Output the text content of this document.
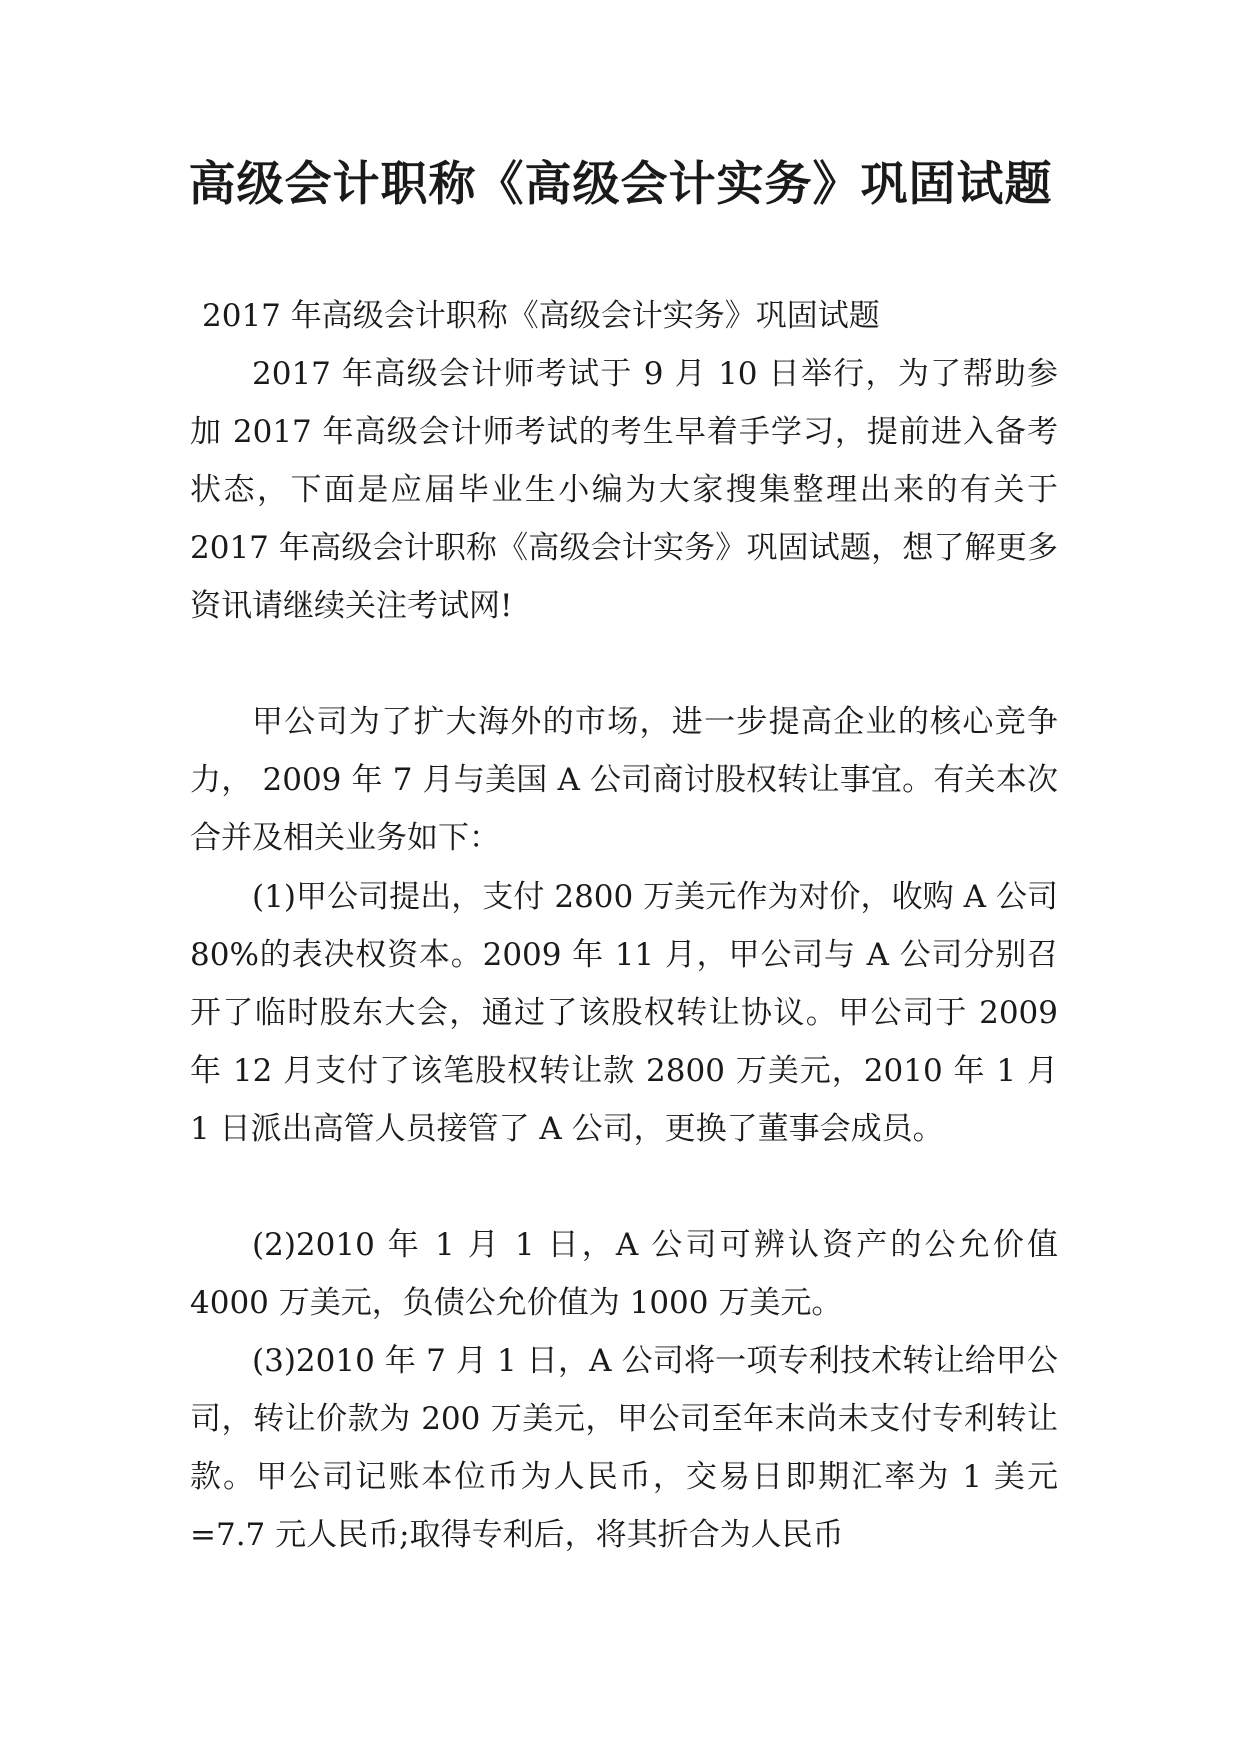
高级会计职称《高级会计实务》巩固试题

2017 年高级会计职称《高级会计实务》巩固试题

2017 年高级会计师考试于 9 月 10 日举行，为了帮助参加 2017 年高级会计师考试的考生早着手学习，提前进入备考状态，下面是应届毕业生小编为大家搜集整理出来的有关于 2017 年高级会计职称《高级会计实务》巩固试题，想了解更多资讯请继续关注考试网!

甲公司为了扩大海外的市场，进一步提高企业的核心竞争力， 2009 年 7 月与美国 A 公司商讨股权转让事宜。有关本次合并及相关业务如下：

(1)甲公司提出，支付 2800 万美元作为对价，收购 A 公司 80%的表决权资本。2009 年 11 月，甲公司与 A 公司分别召开了临时股东大会，通过了该股权转让协议。甲公司于 2009 年 12 月支付了该笔股权转让款 2800 万美元，2010 年 1 月 1 日派出高管人员接管了 A 公司，更换了董事会成员。

(2)2010 年 1 月 1 日，A 公司可辨认资产的公允价值 4000 万美元，负债公允价值为 1000 万美元。

(3)2010 年 7 月 1 日，A 公司将一项专利技术转让给甲公司，转让价款为 200 万美元，甲公司至年末尚未支付专利转让款。甲公司记账本位币为人民币，交易日即期汇率为 1 美元=7.7 元人民币;取得专利后，将其折合为人民币
